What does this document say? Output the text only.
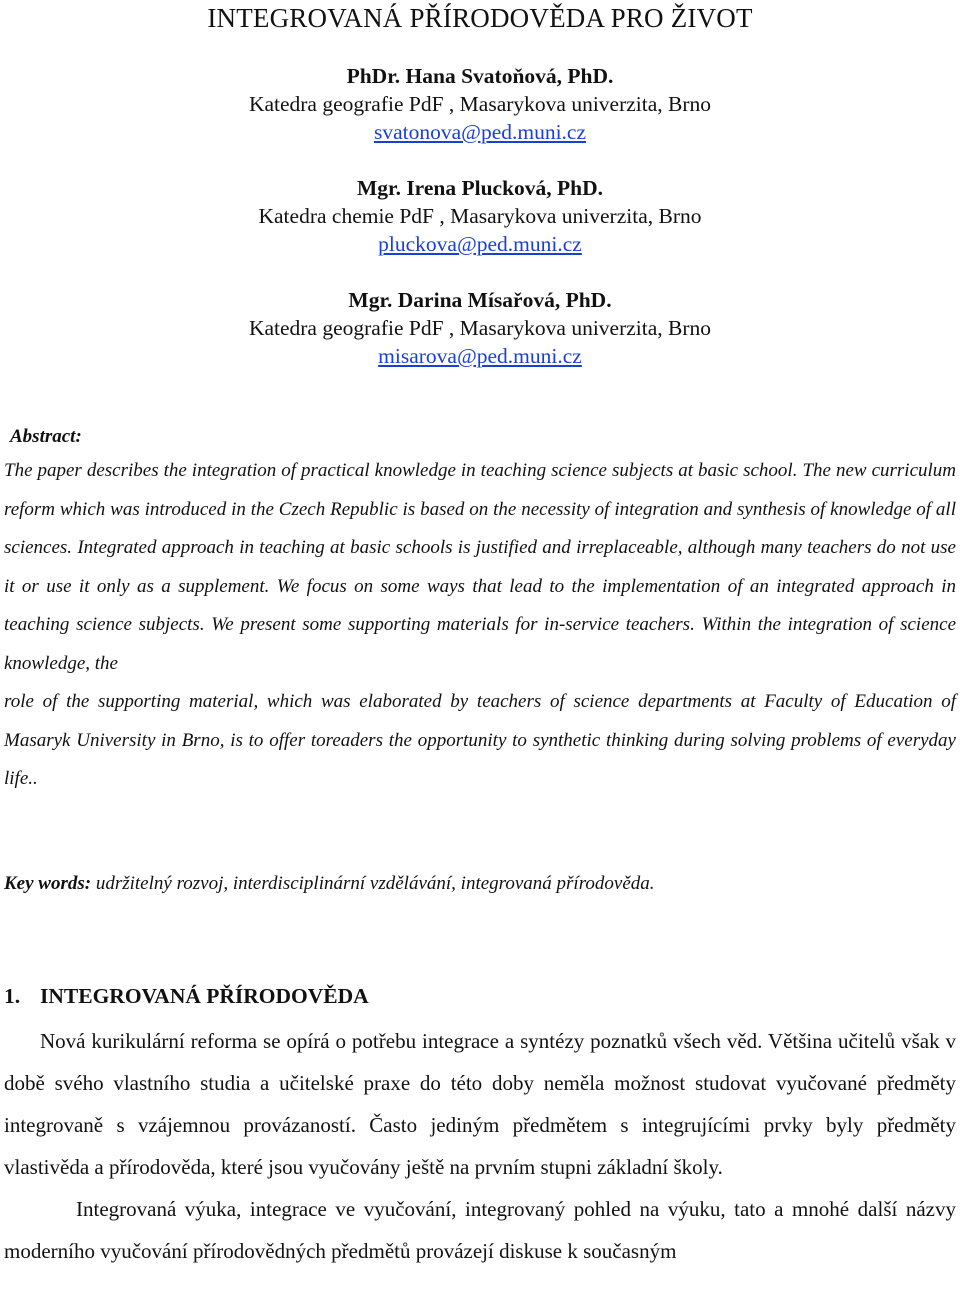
INTEGROVANÁ PŘÍRODOVĚDA PRO ŽIVOT
PhDr. Hana Svatoňová, PhD.
Katedra geografie PdF , Masarykova univerzita, Brno
svatonova@ped.muni.cz
Mgr. Irena Plucková, PhD.
Katedra chemie PdF , Masarykova univerzita, Brno
pluckova@ped.muni.cz
Mgr. Darina Mísařová, PhD.
Katedra geografie PdF , Masarykova univerzita, Brno
misarova@ped.muni.cz
Abstract:

The paper describes the integration of practical knowledge in teaching science subjects at basic school. The new curriculum reform which was introduced in the Czech Republic is based on the necessity of integration and synthesis of knowledge of all sciences. Integrated approach in teaching at basic schools is justified and irreplaceable, although many teachers do not use it or use it only as a supplement. We focus on some ways that lead to the implementation of an integrated approach in teaching science subjects. We present some supporting materials for in-service teachers. Within the integration of science knowledge, the

role of the supporting material, which was elaborated by teachers of science departments at Faculty of Education of Masaryk University in Brno, is to offer toreaders the opportunity to synthetic thinking during solving problems of everyday life..

Key words: udržitelný rozvoj, interdisciplinární vzdělávání, integrovaná přírodověda.
1. INTEGROVANÁ PŘÍRODOVĚDA

Nová kurikulární reforma se opírá o potřebu integrace a syntézy poznatků všech věd. Většina učitelů však v době svého vlastního studia a učitelské praxe do této doby neměla možnost studovat vyučované předměty integrovaně s vzájemnou provázaností. Často jediným předmětem s integrujícími prvky byly předměty vlastivěda a přírodověda, které jsou vyučovány ještě na prvním stupni základní školy.

Integrovaná výuka, integrace ve vyučování, integrovaný pohled na výuku, tato a mnohé další názvy moderního vyučování přírodovědných předmětů provázejí diskuse k současným
